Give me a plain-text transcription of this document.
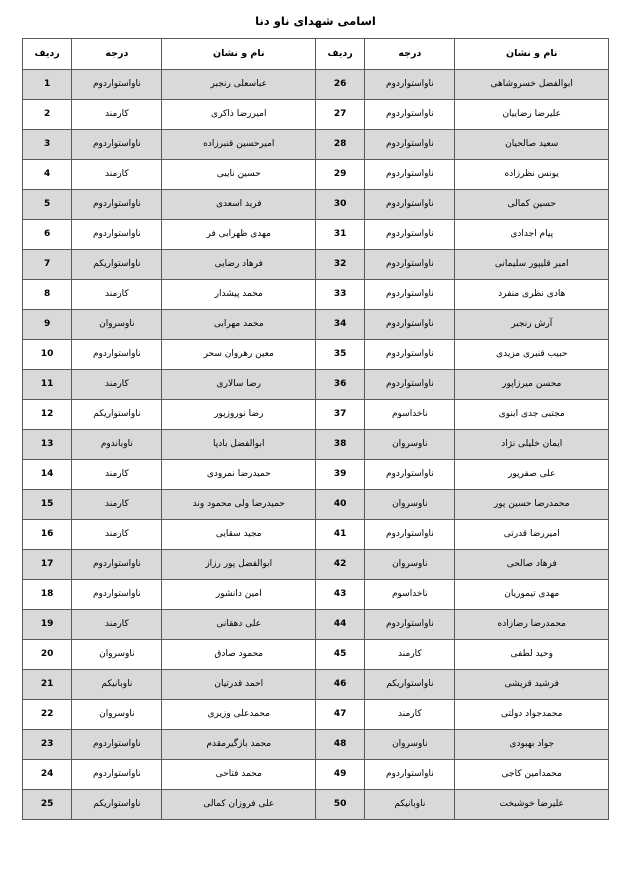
اسامی شهدای ناو دنا
نام و نشان	درجه	ردیف	نام و نشان	درجه	ردیف
ابوالفضل خسروشاهی	ناواستواردوم	26	عباسعلی رنجبر	ناواستواردوم	1
علیرضا رضاییان	ناواستواردوم	27	امیررضا ذاکری	کارمند	2
سعید صالحیان	ناواستواردوم	28	امیرحسین قنبرزاده	ناواستواردوم	3
یونس نظرزاده	ناواستواردوم	29	حسین نایبی	کارمند	4
حسین کمالی	ناواستواردوم	30	فرید اسعدی	ناواستواردوم	5
پیام اجدادی	ناواستواردوم	31	مهدی ظهرابی فر	ناواستواردوم	6
امیر قلیپور سلیمانی	ناواستواردوم	32	فرهاد رضایی	ناواستواریکم	7
هادی نظری منفرد	ناواستواردوم	33	محمد پیشدار	کارمند	8
آرش رنجبر	ناواستواردوم	34	محمد مهرابی	ناوسروان	9
حبیب قنبری مزیدی	ناواستواردوم	35	معین رهروان سحر	ناواستواردوم	10
محسن میرزاپور	ناواستواردوم	36	رضا سالاری	کارمند	11
مجتبی جدی ابنوی	ناخداسوم	37	رضا نوروزپور	ناواستواریکم	12
ایمان خلیلی نژاد	ناوسروان	38	ابوالفضل بادپا	ناوباندوم	13
علی صفرپور	ناواستواردوم	39	حمیدرضا نمرودی	کارمند	14
محمدرضا حسین پور	ناوسروان	40	حمیدرضا ولی محمود وند	کارمند	15
امیررضا قدرتی	ناواستواردوم	41	مجید سقایی	کارمند	16
فرهاد صالحی	ناوسروان	42	ابوالفضل پور رزاز	ناواستواردوم	17
مهدی تیموریان	ناخداسوم	43	امین دانشور	ناواستواردوم	18
محمدرضا رضازاده	ناواستواردوم	44	علی دهقانی	کارمند	19
وحید لطفی	کارمند	45	محمود صادق	ناوسروان	20
فرشید قریشی	ناواستواریکم	46	احمد قدرتیان	ناوبانیکم	21
محمدجواد دولتی	کارمند	47	محمدعلی وزیری	ناوسروان	22
جواد بهبودی	ناوسروان	48	محمد بازگیرمقدم	ناواستواردوم	23
محمدامین کاجی	ناواستواردوم	49	محمد فتاحی	ناواستواردوم	24
علیرضا خوشبخت	ناوبانیکم	50	علی فروزان کمالی	ناواستواریکم	25
